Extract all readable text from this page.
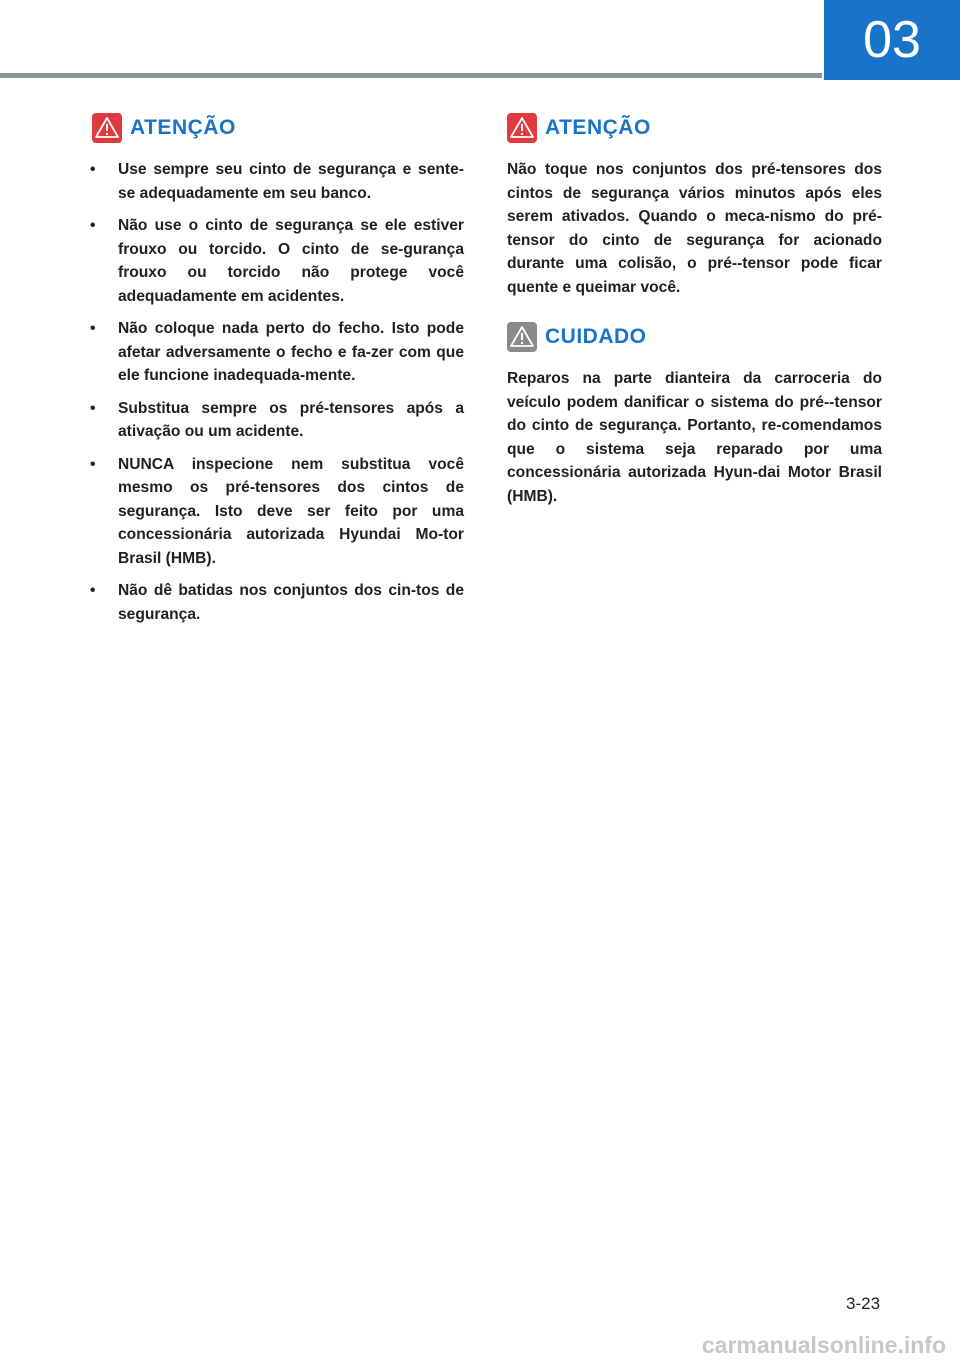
03
ATENÇÃO
• Use sempre seu cinto de segurança e sente-se adequadamente em seu banco.
• Não use o cinto de segurança se ele estiver frouxo ou torcido. O cinto de se-gurança frouxo ou torcido não protege você adequadamente em acidentes.
• Não coloque nada perto do fecho. Isto pode afetar adversamente o fecho e fa-zer com que ele funcione inadequada-mente.
• Substitua sempre os pré-tensores após a ativação ou um acidente.
• NUNCA inspecione nem substitua você mesmo os pré-tensores dos cintos de segurança. Isto deve ser feito por uma concessionária autorizada Hyundai Mo-tor Brasil (HMB).
• Não dê batidas nos conjuntos dos cin-tos de segurança.
ATENÇÃO

Não toque nos conjuntos dos pré-tensores dos cintos de segurança vários minutos após eles serem ativados. Quando o meca-nismo do pré-tensor do cinto de segurança for acionado durante uma colisão, o pré--tensor pode ficar quente e queimar você.

CUIDADO

Reparos na parte dianteira da carroceria do veículo podem danificar o sistema do pré--tensor do cinto de segurança. Portanto, re-comendamos que o sistema seja reparado por uma concessionária autorizada Hyun-dai Motor Brasil (HMB).

3-23
carmanualsonline.info
